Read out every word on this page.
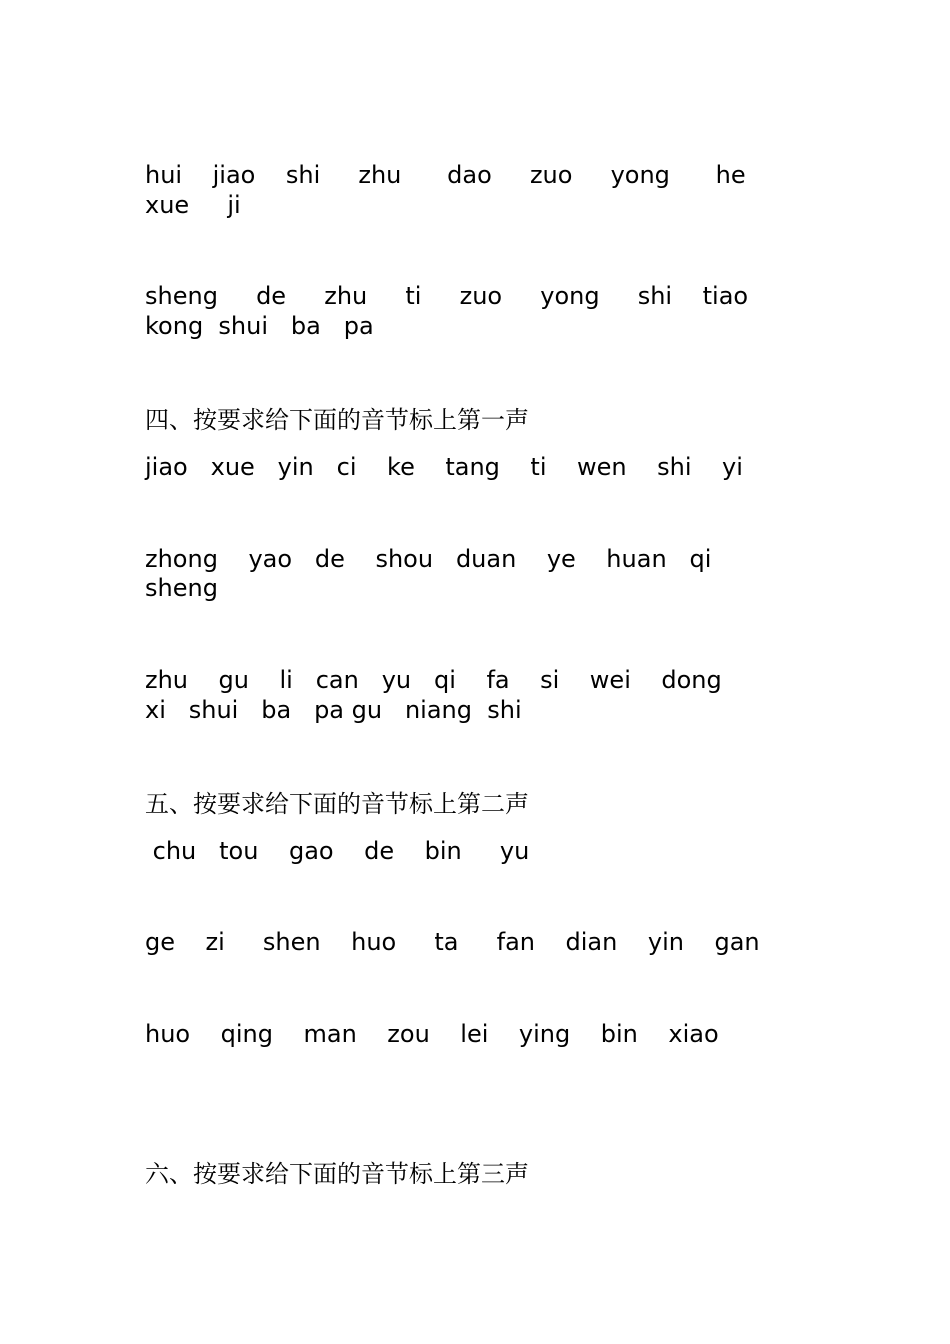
hui    jiao    shi     zhu      dao     zuo     yong      he
xue     ji
sheng     de     zhu     ti     zuo     yong     shi    tiao
kong  shui   ba   pa
四、按要求给下面的音节标上第一声
jiao   xue   yin   ci    ke    tang    ti    wen    shi    yi
zhong    yao   de    shou   duan    ye    huan   qi
sheng
zhu    gu    li   can   yu   qi    fa    si    wei    dong
xi   shui   ba   pa gu   niang  shi
五、按要求给下面的音节标上第二声
chu   tou    gao    de    bin     yu
ge    zi     shen    huo     ta     fan    dian    yin    gan
huo    qing    man    zou    lei    ying    bin    xiao
六、按要求给下面的音节标上第三声
